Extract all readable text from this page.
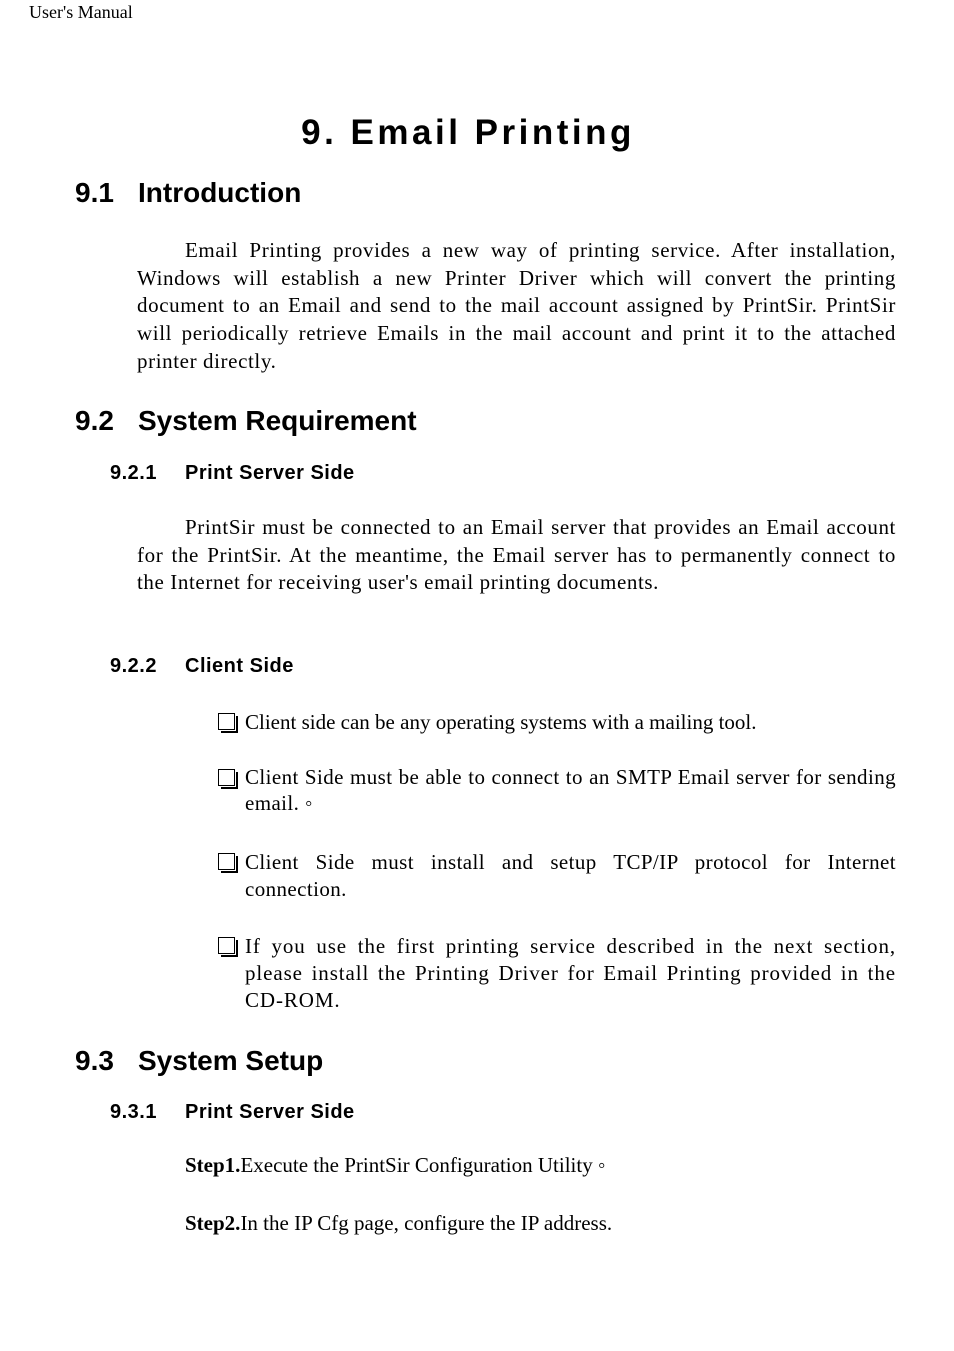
User's Manual
9. Email Printing
9.1 Introduction
Email Printing provides a new way of printing service. After installation, Windows will establish a new Printer Driver which will convert the printing document to an Email and send to the mail account assigned by PrintSir. PrintSir will periodically retrieve Emails in the mail account and print it to the attached printer directly.
9.2 System Requirement
9.2.1 Print Server Side
PrintSir must be connected to an Email server that provides an Email account for the PrintSir. At the meantime, the Email server has to permanently connect to the Internet for receiving user's email printing documents.
9.2.2 Client Side
Client side can be any operating systems with a mailing tool.
Client Side must be able to connect to an SMTP Email server for sending email. ◦
Client Side must install and setup TCP/IP protocol for Internet connection.
If you use the first printing service described in the next section, please install the Printing Driver for Email Printing provided in the CD-ROM.
9.3 System Setup
9.3.1 Print Server Side
Step1.Execute the PrintSir Configuration Utility ◦
Step2.In the IP Cfg page, configure the IP address.
